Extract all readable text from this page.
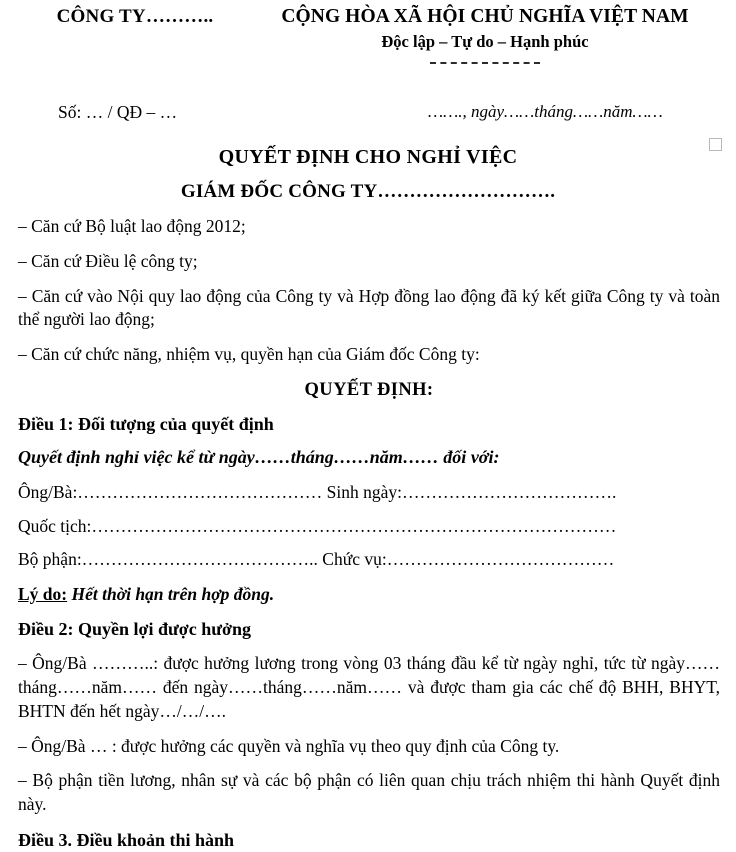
CÔNG TY………..	CỘNG HÒA XÃ HỘI CHỦ NGHĨA VIỆT NAM
Độc lập – Tự do – Hạnh phúc
Số: … / QĐ – …	……., ngày……tháng……năm……
QUYẾT ĐỊNH CHO NGHỈ VIỆC
GIÁM ĐỐC CÔNG TY……………………….

– Căn cứ Bộ luật lao động 2012;

– Căn cứ Điều lệ công ty;

– Căn cứ vào Nội quy lao động của Công ty và Hợp đồng lao động đã ký kết giữa Công ty và toàn thể người lao động;

– Căn cứ chức năng, nhiệm vụ, quyền hạn của Giám đốc Công ty:

QUYẾT ĐỊNH:

Điều 1: Đối tượng của quyết định

Quyết định nghỉ việc kể từ ngày……tháng……năm…… đối với:

Ông/Bà:…………………………………… Sinh ngày:……………………………….

Quốc tịch:………………………………………………………………………………

Bộ phận:………………………………….. Chức vụ:…………………………………

Lý do: Hết thời hạn trên hợp đồng.

Điều 2: Quyền lợi được hưởng

– Ông/Bà ………..: được hưởng lương trong vòng 03 tháng đầu kể từ ngày nghỉ, tức từ ngày……tháng……năm…… đến ngày……tháng……năm…… và được tham gia các chế độ BHH, BHYT, BHTN đến hết ngày…/…/….

– Ông/Bà … : được hưởng các quyền và nghĩa vụ theo quy định của Công ty.

– Bộ phận tiền lương, nhân sự và các bộ phận có liên quan chịu trách nhiệm thi hành Quyết định này.

Điều 3. Điều khoản thi hành
